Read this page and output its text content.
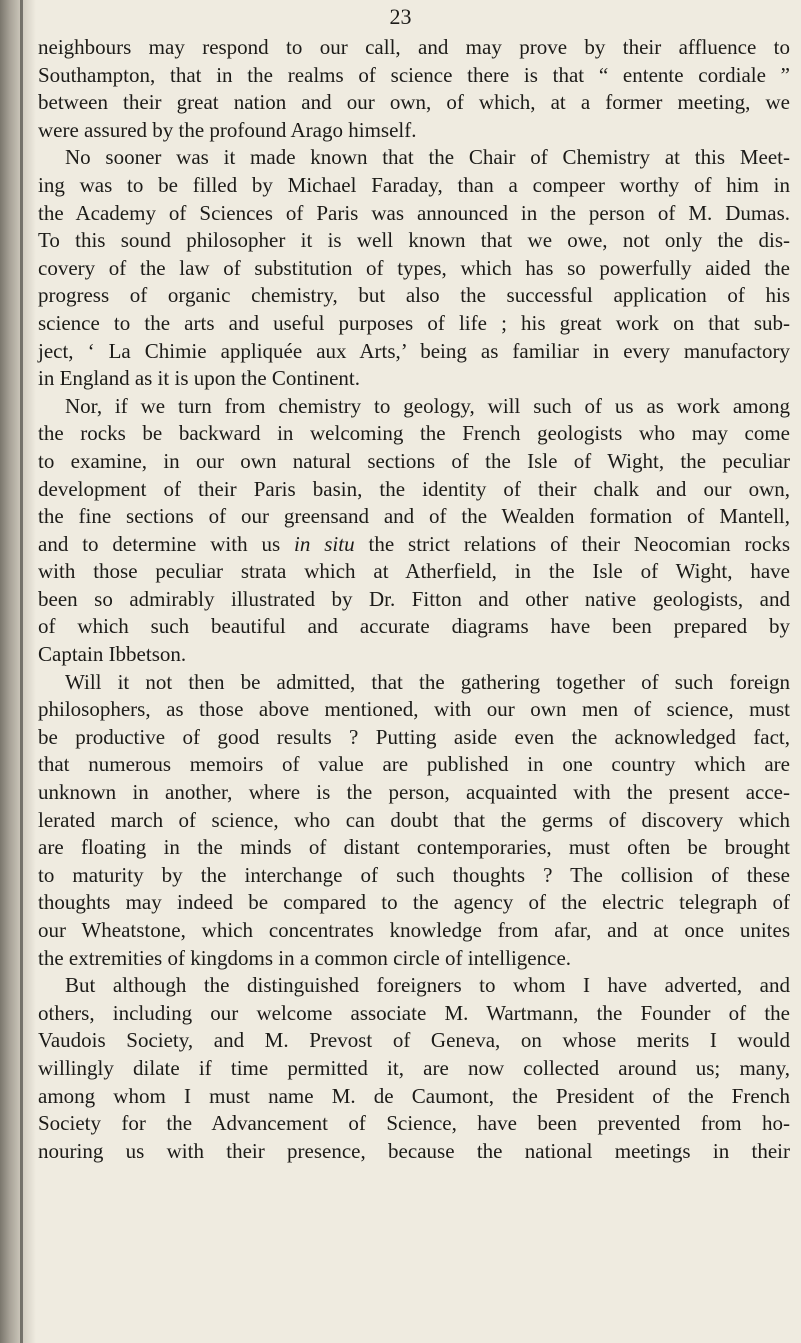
23
neighbours may respond to our call, and may prove by their affluence to
Southampton, that in the realms of science there is that “ entente cordiale ”
between their great nation and our own, of which, at a former meeting, we
were assured by the profound Arago himself.
No sooner was it made known that the Chair of Chemistry at this Meet-
ing was to be filled by Michael Faraday, than a compeer worthy of him in
the Academy of Sciences of Paris was announced in the person of M. Dumas.
To this sound philosopher it is well known that we owe, not only the dis-
covery of the law of substitution of types, which has so powerfully aided the
progress of organic chemistry, but also the successful application of his
science to the arts and useful purposes of life ; his great work on that sub-
ject, ‘ La Chimie appliquée aux Arts,’ being as familiar in every manufactory
in England as it is upon the Continent.
Nor, if we turn from chemistry to geology, will such of us as work among
the rocks be backward in welcoming the French geologists who may come
to examine, in our own natural sections of the Isle of Wight, the peculiar
development of their Paris basin, the identity of their chalk and our own,
the fine sections of our greensand and of the Wealden formation of Mantell,
and to determine with us in situ the strict relations of their Neocomian rocks
with those peculiar strata which at Atherfield, in the Isle of Wight, have
been so admirably illustrated by Dr. Fitton and other native geologists, and
of which such beautiful and accurate diagrams have been prepared by
Captain Ibbetson.
Will it not then be admitted, that the gathering together of such foreign
philosophers, as those above mentioned, with our own men of science, must
be productive of good results ? Putting aside even the acknowledged fact,
that numerous memoirs of value are published in one country which are
unknown in another, where is the person, acquainted with the present acce-
lerated march of science, who can doubt that the germs of discovery which
are floating in the minds of distant contemporaries, must often be brought
to maturity by the interchange of such thoughts ? The collision of these
thoughts may indeed be compared to the agency of the electric telegraph of
our Wheatstone, which concentrates knowledge from afar, and at once unites
the extremities of kingdoms in a common circle of intelligence.
But although the distinguished foreigners to whom I have adverted, and
others, including our welcome associate M. Wartmann, the Founder of the
Vaudois Society, and M. Prevost of Geneva, on whose merits I would
willingly dilate if time permitted it, are now collected around us; many,
among whom I must name M. de Caumont, the President of the French
Society for the Advancement of Science, have been prevented from ho-
nouring us with their presence, because the national meetings in their
